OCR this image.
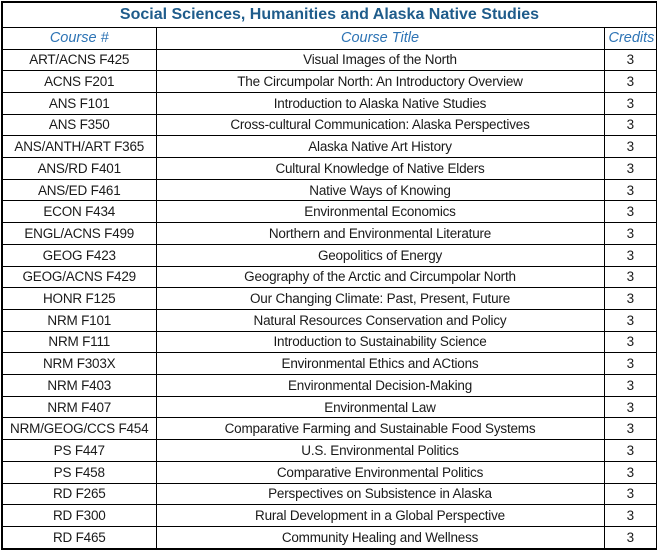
Social Sciences, Humanities and Alaska Native Studies		
Course #	Course Title	Credits
ART/ACNS F425	Visual Images of the North	3
ACNS F201	The Circumpolar North: An Introductory Overview	3
ANS F101	Introduction to Alaska Native Studies	3
ANS F350	Cross-cultural Communication: Alaska Perspectives	3
ANS/ANTH/ART F365	Alaska Native Art History	3
ANS/RD F401	Cultural Knowledge of Native Elders	3
ANS/ED F461	Native Ways of Knowing	3
ECON F434	Environmental Economics	3
ENGL/ACNS F499	Northern and Environmental Literature	3
GEOG F423	Geopolitics of Energy	3
GEOG/ACNS F429	Geography of the Arctic and Circumpolar North	3
HONR F125	Our Changing Climate: Past, Present, Future	3
NRM F101	Natural Resources Conservation and Policy	3
NRM F111	Introduction to Sustainability Science	3
NRM F303X	Environmental Ethics and ACtions	3
NRM F403	Environmental Decision-Making	3
NRM F407	Environmental Law	3
NRM/GEOG/CCS F454	Comparative Farming and Sustainable Food Systems	3
PS F447	U.S. Environmental Politics	3
PS F458	Comparative Environmental Politics	3
RD F265	Perspectives on Subsistence in Alaska	3
RD F300	Rural Development in a Global Perspective	3
RD F465	Community Healing and Wellness	3
